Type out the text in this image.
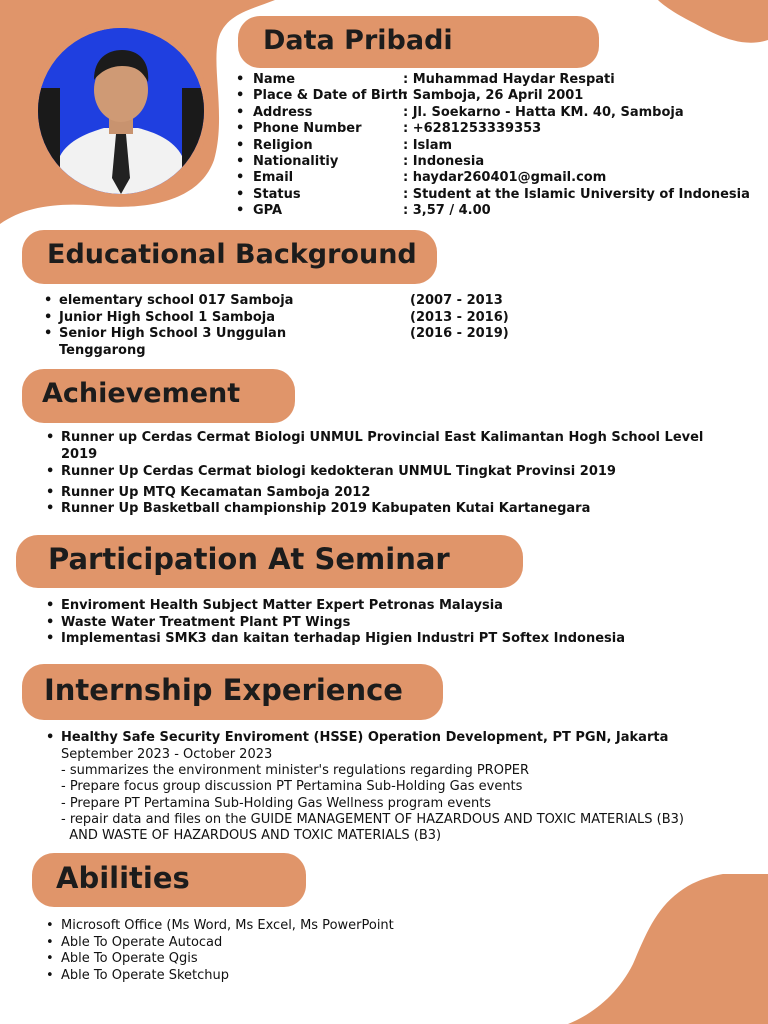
Data Pribadi
• Name	: Muhammad Haydar Respati
• Place & Date of Birth
: Samboja, 26 April 2001
• Address	: Jl. Soekarno - Hatta KM. 40, Samboja
• Phone Number	: +6281253339353
• Religion	: Islam
• Nationalitiy	: Indonesia
• Email	: haydar260401@gmail.com
• Status	: Student at the Islamic University of Indonesia
• GPA	: 3,57 / 4.00
Educational Background
• elementary school 017 Samboja	(2007 - 2013
• Junior High School 1 Samboja	(2013 - 2016)
• Senior High School 3 Unggulan Tenggarong
(2016 - 2019)
Achievement
• Runner up Cerdas Cermat Biologi UNMUL Provincial East Kalimantan Hogh School Level 2019
• Runner Up Cerdas Cermat biologi kedokteran UNMUL Tingkat Provinsi 2019
• Runner Up MTQ Kecamatan Samboja 2012
• Runner Up Basketball championship 2019 Kabupaten Kutai Kartanegara
Participation At Seminar
• Enviroment Health Subject Matter Expert Petronas Malaysia
• Waste Water Treatment Plant PT Wings
• Implementasi SMK3 dan kaitan terhadap Higien Industri PT Softex Indonesia
Internship Experience
• Healthy Safe Security Enviroment (HSSE) Operation Development, PT PGN, Jakarta
September 2023 - October 2023
- summarizes the environment minister's regulations regarding PROPER
- Prepare focus group discussion PT Pertamina Sub-Holding Gas events
- Prepare PT Pertamina Sub-Holding Gas Wellness program events
- repair data and files on the GUIDE MANAGEMENT OF HAZARDOUS AND TOXIC MATERIALS (B3)
AND WASTE OF HAZARDOUS AND TOXIC MATERIALS (B3)
Abilities
• Microsoft Office (Ms Word, Ms Excel, Ms PowerPoint
• Able To Operate Autocad
• Able To Operate Qgis
• Able To Operate Sketchup
